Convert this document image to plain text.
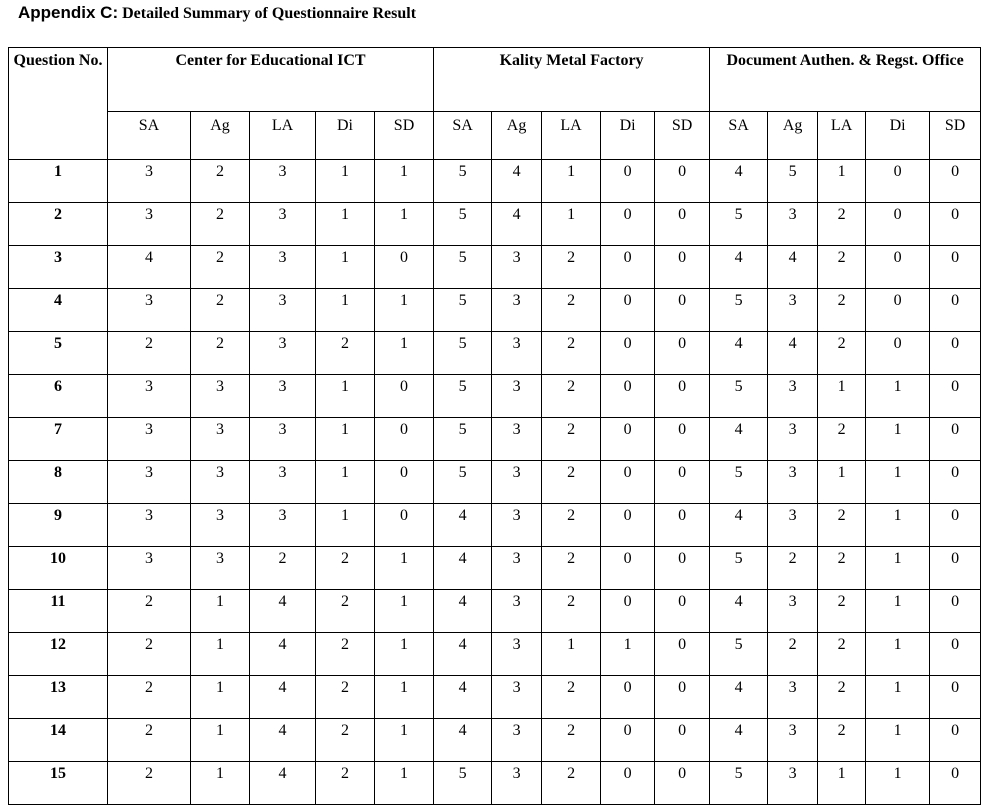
Appendix C: Detailed Summary of Questionnaire Result
Question No.	Center for Educational ICT					Kality Metal Factory					Document Authen. & Regst. Office				
	SA	Ag	LA	Di	SD	SA	Ag	LA	Di	SD	SA	Ag	LA	Di	SD
1	3	2	3	1	1	5	4	1	0	0	4	5	1	0	0
2	3	2	3	1	1	5	4	1	0	0	5	3	2	0	0
3	4	2	3	1	0	5	3	2	0	0	4	4	2	0	0
4	3	2	3	1	1	5	3	2	0	0	5	3	2	0	0
5	2	2	3	2	1	5	3	2	0	0	4	4	2	0	0
6	3	3	3	1	0	5	3	2	0	0	5	3	1	1	0
7	3	3	3	1	0	5	3	2	0	0	4	3	2	1	0
8	3	3	3	1	0	5	3	2	0	0	5	3	1	1	0
9	3	3	3	1	0	4	3	2	0	0	4	3	2	1	0
10	3	3	2	2	1	4	3	2	0	0	5	2	2	1	0
11	2	1	4	2	1	4	3	2	0	0	4	3	2	1	0
12	2	1	4	2	1	4	3	1	1	0	5	2	2	1	0
13	2	1	4	2	1	4	3	2	0	0	4	3	2	1	0
14	2	1	4	2	1	4	3	2	0	0	4	3	2	1	0
15	2	1	4	2	1	5	3	2	0	0	5	3	1	1	0
